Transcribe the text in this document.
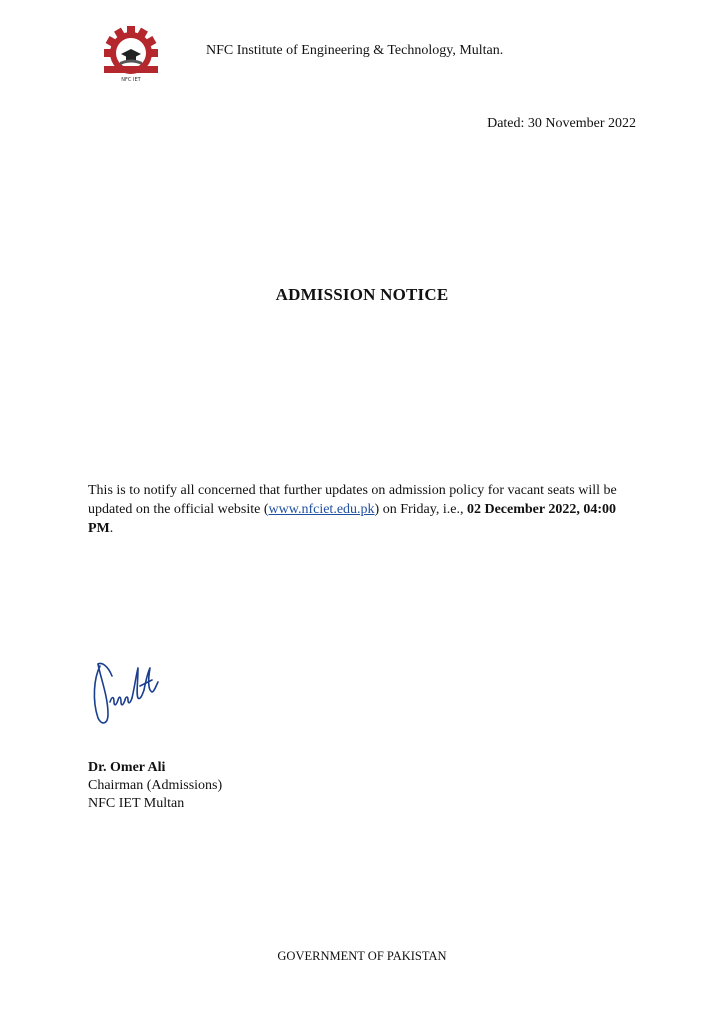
NFC IET
NFC Institute of Engineering & Technology, Multan.
Dated: 30 November 2022
ADMISSION NOTICE
This is to notify all concerned that further updates on admission policy for vacant seats will be updated on the official website (www.nfciet.edu.pk) on Friday, i.e., 02 December 2022, 04:00 PM.
Dr. Omer Ali
Chairman (Admissions)
NFC IET Multan
GOVERNMENT OF PAKISTAN
